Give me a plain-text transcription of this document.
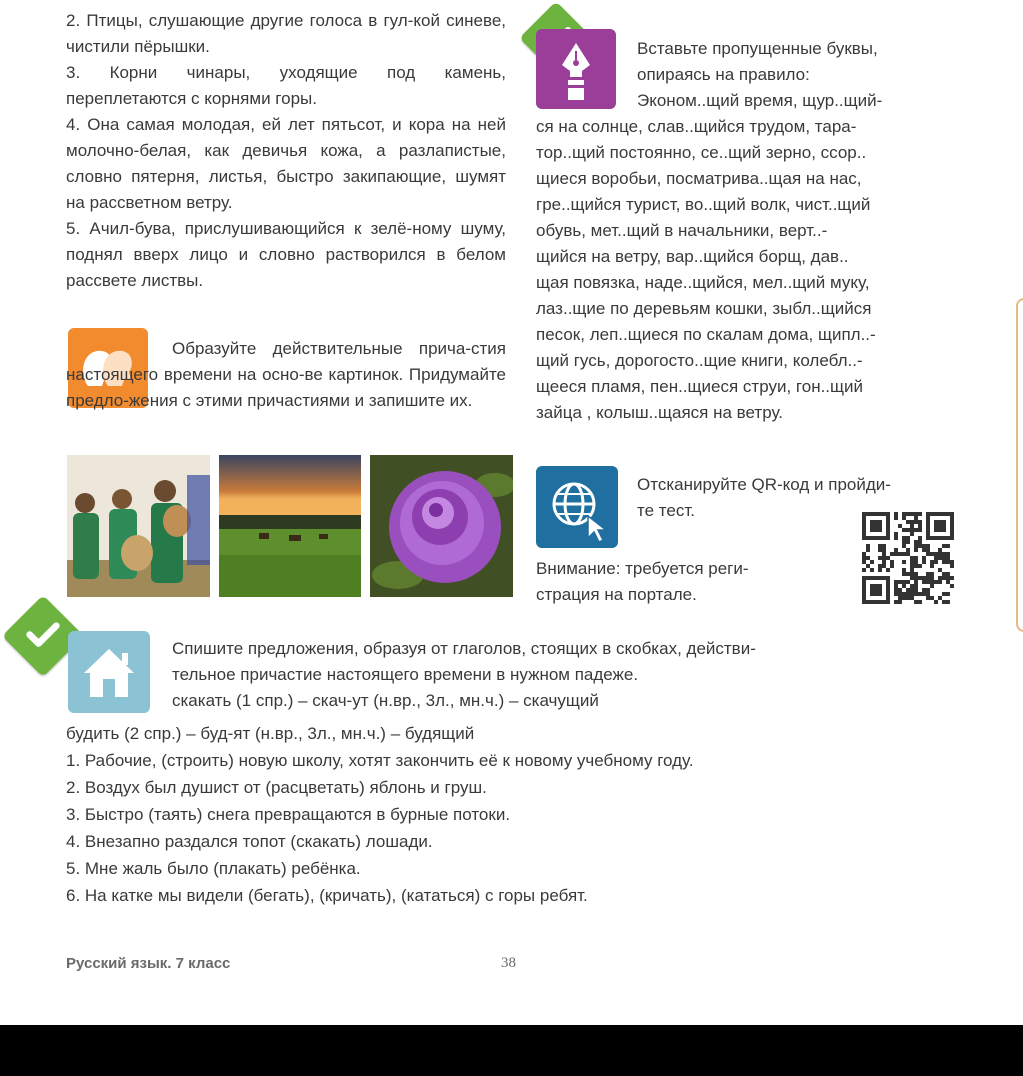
2. Птицы, слушающие другие голоса в гул-кой синеве, чистили пёрышки.

3. Корни чинары, уходящие под камень, переплетаются с корнями горы.

4. Она самая молодая, ей лет пятьсот, и кора на ней молочно-белая, как девичья кожа, а разлапистые, словно пятерня, листья, быстро закипающие, шумят на рассветном ветру.

5. Ачил-бува, прислушивающийся к зелё-ному шуму, поднял вверх лицо и словно растворился в белом рассвете листвы.

Образуйте действительные прича-стия настоящего времени на осно-ве картинок. Придумайте предло-жения с этими причастиями и запишите их.

Вставьте пропущенные буквы,

опираясь на правило:

Эконом..щий время, щур..щий-

ся на солнце, слав..щийся трудом, тара-

тор..щий постоянно, се..щий зерно, ссор..

щиеся воробьи, посматрива..щая на нас,

гре..щийся турист, во..щий волк, чист..щий

обувь, мет..щий в начальники, верт..-

щийся на ветру, вар..щийся борщ, дав..

щая повязка, наде..щийся, мел..щий муку,

лаз..щие по деревьям кошки, зыбл..щийся

песок, леп..щиеся по скалам дома, щипл..-

щий гусь, дорогосто..щие книги, колебл..-

щееся пламя, пен..щиеся струи, гон..щий

зайца , колыш..щаяся на ветру.

Отсканируйте QR-код и пройди-

те тест.

Внимание: требуется реги-

страция на портале.

Спишите предложения, образуя от глаголов, стоящих в скобках, действи-

тельное причастие настоящего времени в нужном падеже.

скакать (1 спр.) – скач-ут (н.вр., 3л., мн.ч.) – скачущий

будить (2 спр.) – буд-ят (н.вр., 3л., мн.ч.) – будящий

1. Рабочие, (строить) новую школу, хотят закончить её к новому учебному году.

2. Воздух был душист от (расцветать) яблонь и груш.

3. Быстро (таять) снега превращаются в бурные потоки.

4. Внезапно раздался топот (скакать) лошади.

5. Мне жаль было (плакать) ребёнка.

6. На катке мы видели (бегать), (кричать), (кататься) с горы ребят.

Русский язык. 7 класс	38
